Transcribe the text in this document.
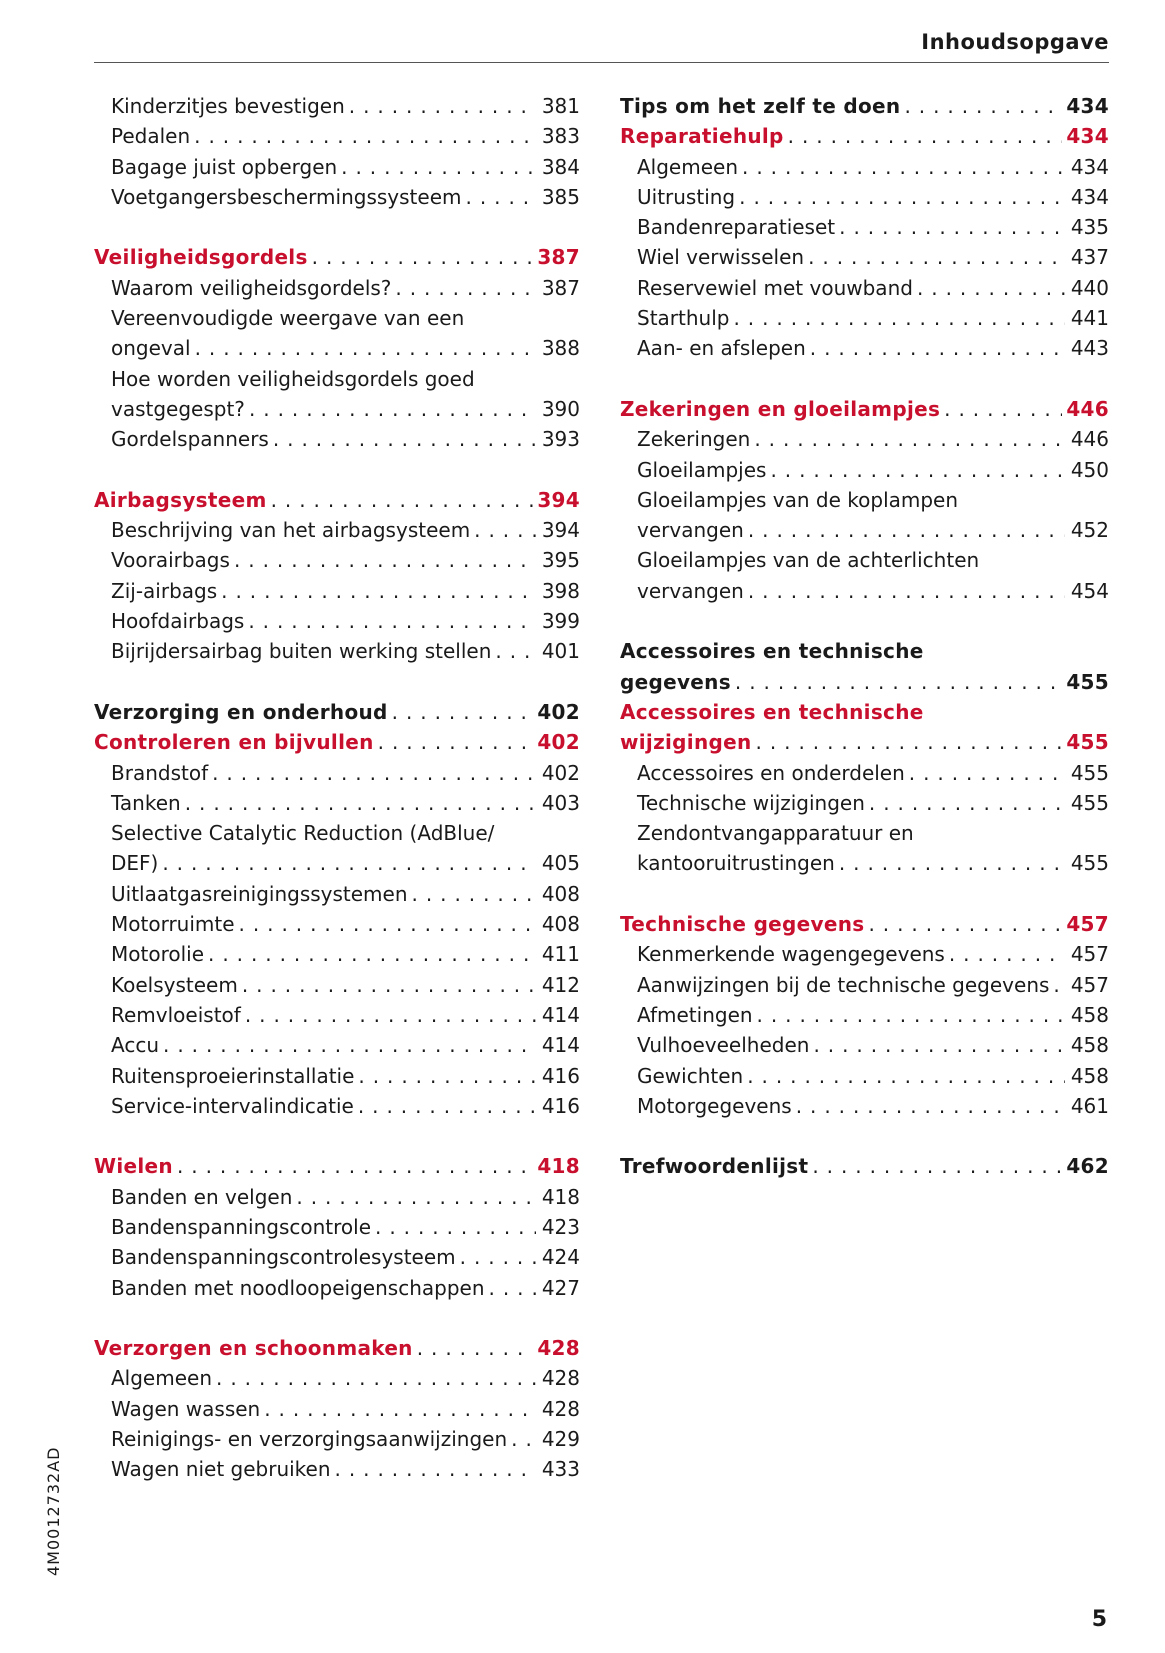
Inhoudsopgave
Kinderzitjes bevestigen . . .	381
Pedalen . . .	383
Bagage juist opbergen . . .	384
Voetgangersbeschermingssysteem . . .	385
Veiligheidsgordels . . .	387
Waarom veiligheidsgordels? . . .	387
Vereenvoudigde weergave van een
ongeval . . .	388
Hoe worden veiligheidsgordels goed
vastgegespt? . . .	390
Gordelspanners . . .	393
Airbagsysteem . . .	394
Beschrijving van het airbagsysteem . . .	394
Voorairbags . . .	395
Zij-airbags . . .	398
Hoofdairbags . . .	399
Bijrijdersairbag buiten werking stellen . . .	401
Verzorging en onderhoud . . .	402
Controleren en bijvullen . . .	402
Brandstof . . .	402
Tanken . . .	403
Selective Catalytic Reduction (AdBlue/
DEF) . . .	405
Uitlaatgasreinigingssystemen . . .	408
Motorruimte . . .	408
Motorolie . . .	411
Koelsysteem . . .	412
Remvloeistof . . .	414
Accu . . .	414
Ruitensproeierinstallatie . . .	416
Service-intervalindicatie . . .	416
Wielen . . .	418
Banden en velgen . . .	418
Bandenspanningscontrole . . .	423
Bandenspanningscontrolesysteem . . .	424
Banden met noodloopeigenschappen . . .	427
Verzorgen en schoonmaken . . .	428
Algemeen . . .	428
Wagen wassen . . .	428
Reinigings- en verzorgingsaanwijzingen . . . 429
Wagen niet gebruiken . . .	433
Tips om het zelf te doen . . .	434
Reparatiehulp . . .	434
Algemeen . . .	434
Uitrusting . . .	434
Bandenreparatieset . . .	435
Wiel verwisselen . . .	437
Reservewiel met vouwband . . .	440
Starthulp . . .	441
Aan- en afslepen . . .	443
Zekeringen en gloeilampjes . . .	446
Zekeringen . . .	446
Gloeilampjes . . .	450
Gloeilampjes van de koplampen
vervangen . . .	452
Gloeilampjes van de achterlichten
vervangen . . .	454
Accessoires en technische
gegevens . . .	455
Accessoires en technische
wijzigingen . . .	455
Accessoires en onderdelen . . .	455
Technische wijzigingen . . .	455
Zendontvangapparatuur en
kantooruitrustingen . . .	455
Technische gegevens . . .	457
Kenmerkende wagengegevens . . .	457
Aanwijzingen bij de technische gegevens . . . 457
Afmetingen . . .	458
Vulhoeveelheden . . .	458
Gewichten . . .	458
Motorgegevens . . .	461
Trefwoordenlijst . . .	462
4M0012732AD
5
